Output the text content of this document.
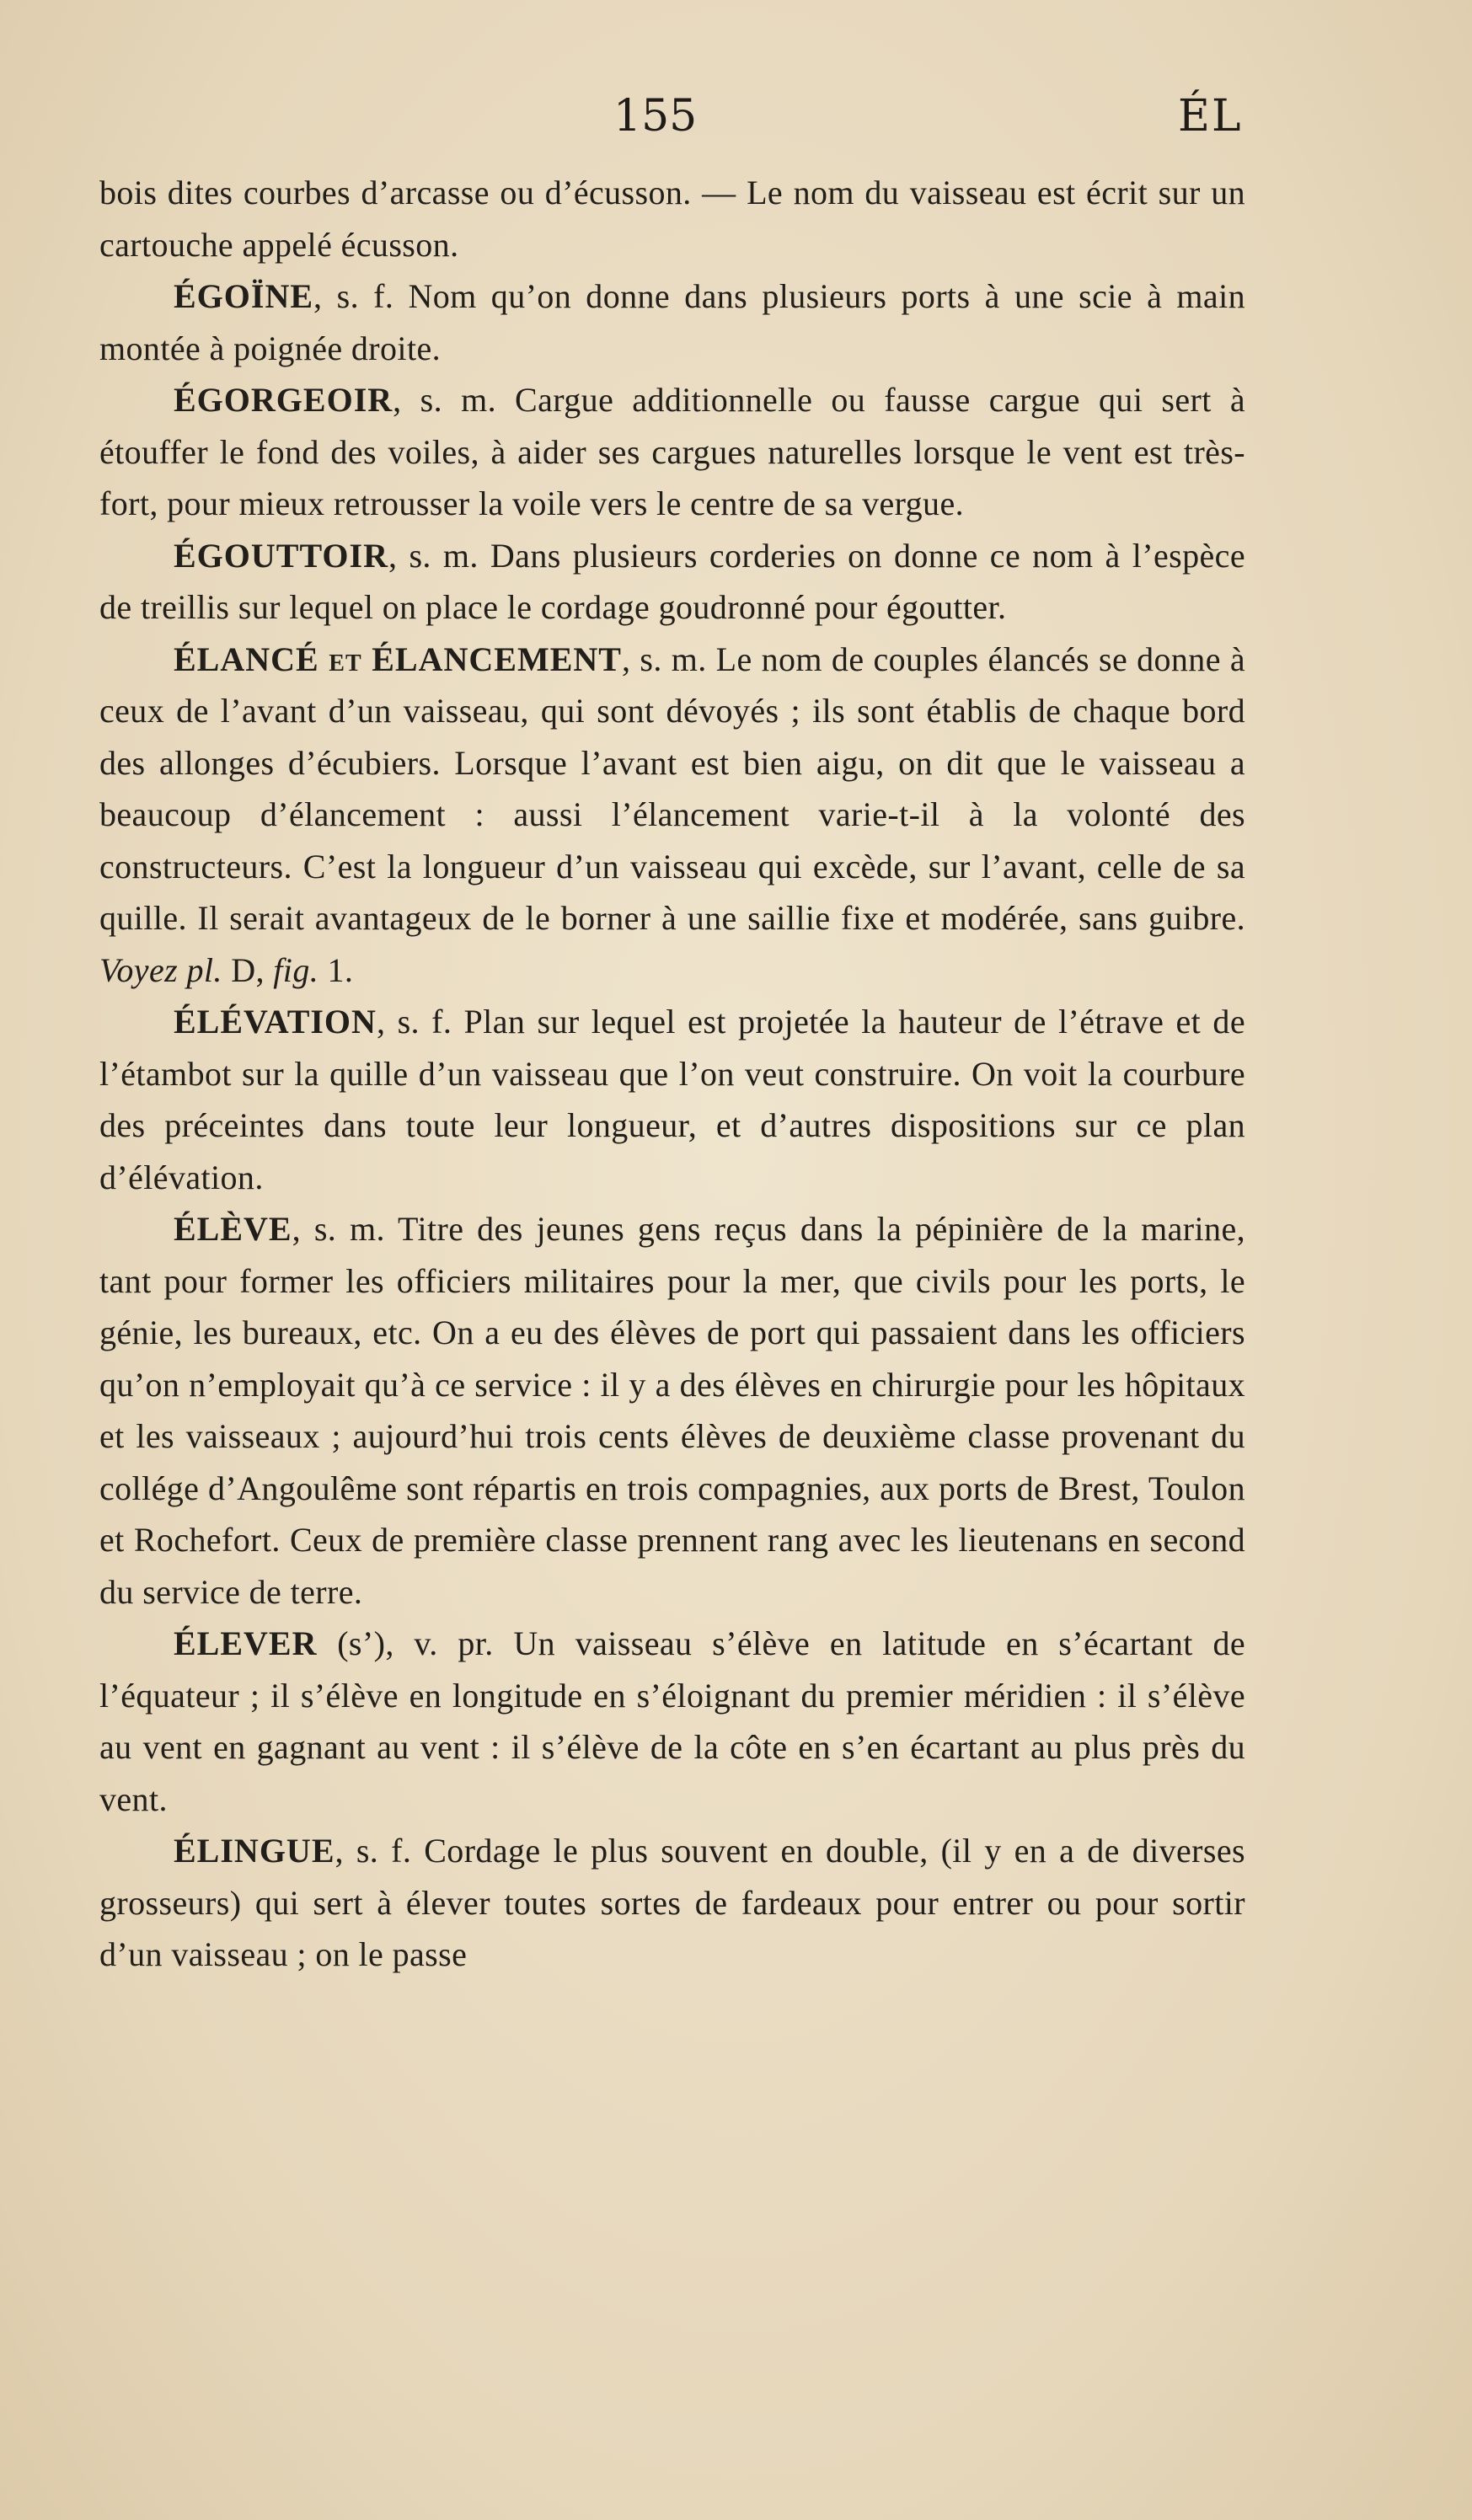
155	ÉL

bois dites courbes d’arcasse ou d’écusson. — Le nom du vaisseau est écrit sur un cartouche appelé écusson.

ÉGOÏNE, s. f. Nom qu’on donne dans plusieurs ports à une scie à main montée à poignée droite.

ÉGORGEOIR, s. m. Cargue additionnelle ou fausse cargue qui sert à étouffer le fond des voiles, à aider ses cargues naturelles lorsque le vent est très-fort, pour mieux retrousser la voile vers le centre de sa vergue.

ÉGOUTTOIR, s. m. Dans plusieurs corderies on donne ce nom à l’espèce de treillis sur lequel on place le cordage goudronné pour égoutter.

ÉLANCÉ et ÉLANCEMENT, s. m. Le nom de couples élancés se donne à ceux de l’avant d’un vaisseau, qui sont dévoyés ; ils sont établis de chaque bord des allonges d’écubiers. Lorsque l’avant est bien aigu, on dit que le vaisseau a beaucoup d’élancement : aussi l’élancement varie-t-il à la volonté des constructeurs. C’est la longueur d’un vaisseau qui excède, sur l’avant, celle de sa quille. Il serait avantageux de le borner à une saillie fixe et modérée, sans guibre. Voyez pl. D, fig. 1.

ÉLÉVATION, s. f. Plan sur lequel est projetée la hauteur de l’étrave et de l’étambot sur la quille d’un vaisseau que l’on veut construire. On voit la courbure des préceintes dans toute leur longueur, et d’autres dispositions sur ce plan d’élévation.

ÉLÈVE, s. m. Titre des jeunes gens reçus dans la pépinière de la marine, tant pour former les officiers militaires pour la mer, que civils pour les ports, le génie, les bureaux, etc. On a eu des élèves de port qui passaient dans les officiers qu’on n’employait qu’à ce service : il y a des élèves en chirurgie pour les hôpitaux et les vaisseaux ; aujourd’hui trois cents élèves de deuxième classe provenant du collége d’Angoulême sont répartis en trois compagnies, aux ports de Brest, Toulon et Rochefort. Ceux de première classe prennent rang avec les lieutenans en second du service de terre.

ÉLEVER (s’), v. pr. Un vaisseau s’élève en latitude en s’écartant de l’équateur ; il s’élève en longitude en s’éloignant du premier méridien : il s’élève au vent en gagnant au vent : il s’élève de la côte en s’en écartant au plus près du vent.

ÉLINGUE, s. f. Cordage le plus souvent en double, (il y en a de diverses grosseurs) qui sert à élever toutes sortes de fardeaux pour entrer ou pour sortir d’un vaisseau ; on le passe
